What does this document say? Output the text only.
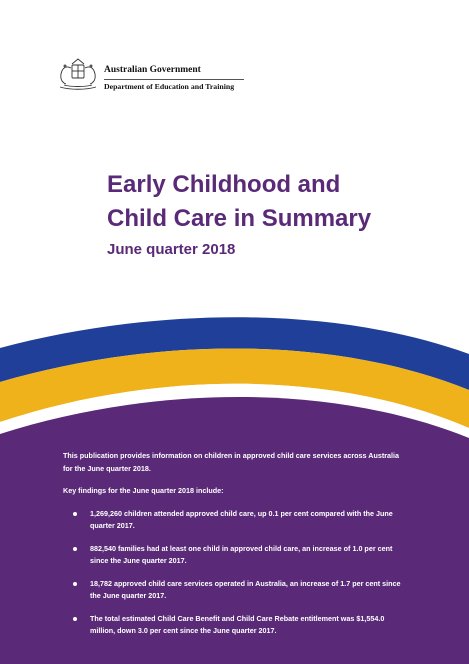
Australian Government
Department of Education and Training
Early Childhood and
Child Care in Summary
June quarter 2018

This publication provides information on children in approved child care services across Australia for the June quarter 2018.

Key findings for the June quarter 2018 include:

1,269,260 children attended approved child care, up 0.1 per cent compared with the June quarter 2017.
882,540 families had at least one child in approved child care, an increase of 1.0 per cent since the June quarter 2017.
18,782 approved child care services operated in Australia, an increase of 1.7 per cent since the June quarter 2017.
The total estimated Child Care Benefit and Child Care Rebate entitlement was $1,554.0 million, down 3.0 per cent since the June quarter 2017.
